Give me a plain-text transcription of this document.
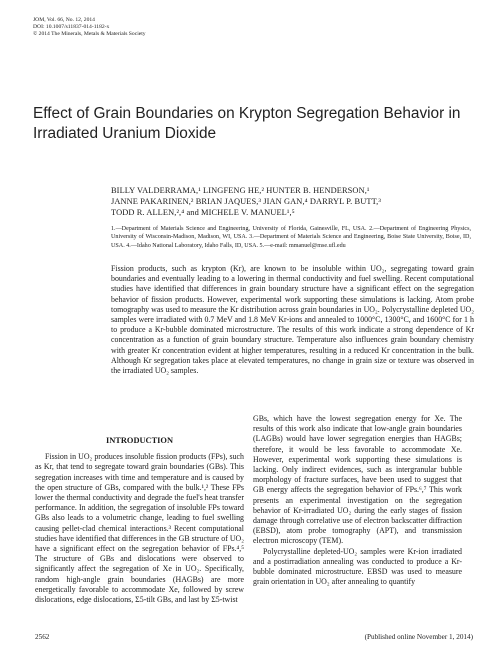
JOM, Vol. 66, No. 12, 2014
DOI: 10.1007/s11837-014-1182-x
© 2014 The Minerals, Metals & Materials Society
Effect of Grain Boundaries on Krypton Segregation Behavior in Irradiated Uranium Dioxide
BILLY VALDERRAMA,¹ LINGFENG HE,² HUNTER B. HENDERSON,¹
JANNE PAKARINEN,² BRIAN JAQUES,³ JIAN GAN,⁴ DARRYL P. BUTT,³
TODD R. ALLEN,²,⁴ and MICHELE V. MANUEL¹,⁵
1.—Department of Materials Science and Engineering, University of Florida, Gainesville, FL, USA. 2.—Department of Engineering Physics, University of Wisconsin-Madison, Madison, WI, USA. 3.—Department of Materials Science and Engineering, Boise State University, Boise, ID, USA. 4.—Idaho National Laboratory, Idaho Falls, ID, USA. 5.—e-mail: mmanuel@mse.ufl.edu
Fission products, such as krypton (Kr), are known to be insoluble within UO₂, segregating toward grain boundaries and eventually leading to a lowering in thermal conductivity and fuel swelling. Recent computational studies have identified that differences in grain boundary structure have a significant effect on the segregation behavior of fission products. However, experimental work supporting these simulations is lacking. Atom probe tomography was used to measure the Kr distribution across grain boundaries in UO₂. Polycrystalline depleted UO₂ samples were irradiated with 0.7 MeV and 1.8 MeV Kr-ions and annealed to 1000°C, 1300°C, and 1600°C for 1 h to produce a Kr-bubble dominated microstructure. The results of this work indicate a strong dependence of Kr concentration as a function of grain boundary structure. Temperature also influences grain boundary chemistry with greater Kr concentration evident at higher temperatures, resulting in a reduced Kr concentration in the bulk. Although Kr segregation takes place at elevated temperatures, no change in grain size or texture was observed in the irradiated UO₂ samples.
INTRODUCTION

Fission in UO₂ produces insoluble fission products (FPs), such as Kr, that tend to segregate toward grain boundaries (GBs). This segregation increases with time and temperature and is caused by the open structure of GBs, compared with the bulk.¹,² These FPs lower the thermal conductivity and degrade the fuel's heat transfer performance. In addition, the segregation of insoluble FPs toward GBs also leads to a volumetric change, leading to fuel swelling causing pellet-clad chemical interactions.³ Recent computational studies have identified that differences in the GB structure of UO₂ have a significant effect on the segregation behavior of FPs.⁴,⁵ The structure of GBs and dislocations were observed to significantly affect the segregation of Xe in UO₂. Specifically, random high-angle grain boundaries (HAGBs) are more energetically favorable to accommodate Xe, followed by screw dislocations, edge dislocations, Σ5-tilt GBs, and last by Σ5-twist

GBs, which have the lowest segregation energy for Xe. The results of this work also indicate that low-angle grain boundaries (LAGBs) would have lower segregation energies than HAGBs; therefore, it would be less favorable to accommodate Xe. However, experimental work supporting these simulations is lacking. Only indirect evidences, such as intergranular bubble morphology of fracture surfaces, have been used to suggest that GB energy affects the segregation behavior of FPs.⁶,⁷ This work presents an experimental investigation on the segregation behavior of Kr-irradiated UO₂ during the early stages of fission damage through correlative use of electron backscatter diffraction (EBSD), atom probe tomography (APT), and transmission electron microscopy (TEM).

Polycrystalline depleted-UO₂ samples were Kr-ion irradiated and a postirradiation annealing was conducted to produce a Kr-bubble dominated microstructure. EBSD was used to measure grain orientation in UO₂ after annealing to quantify

2562	(Published online November 1, 2014)
